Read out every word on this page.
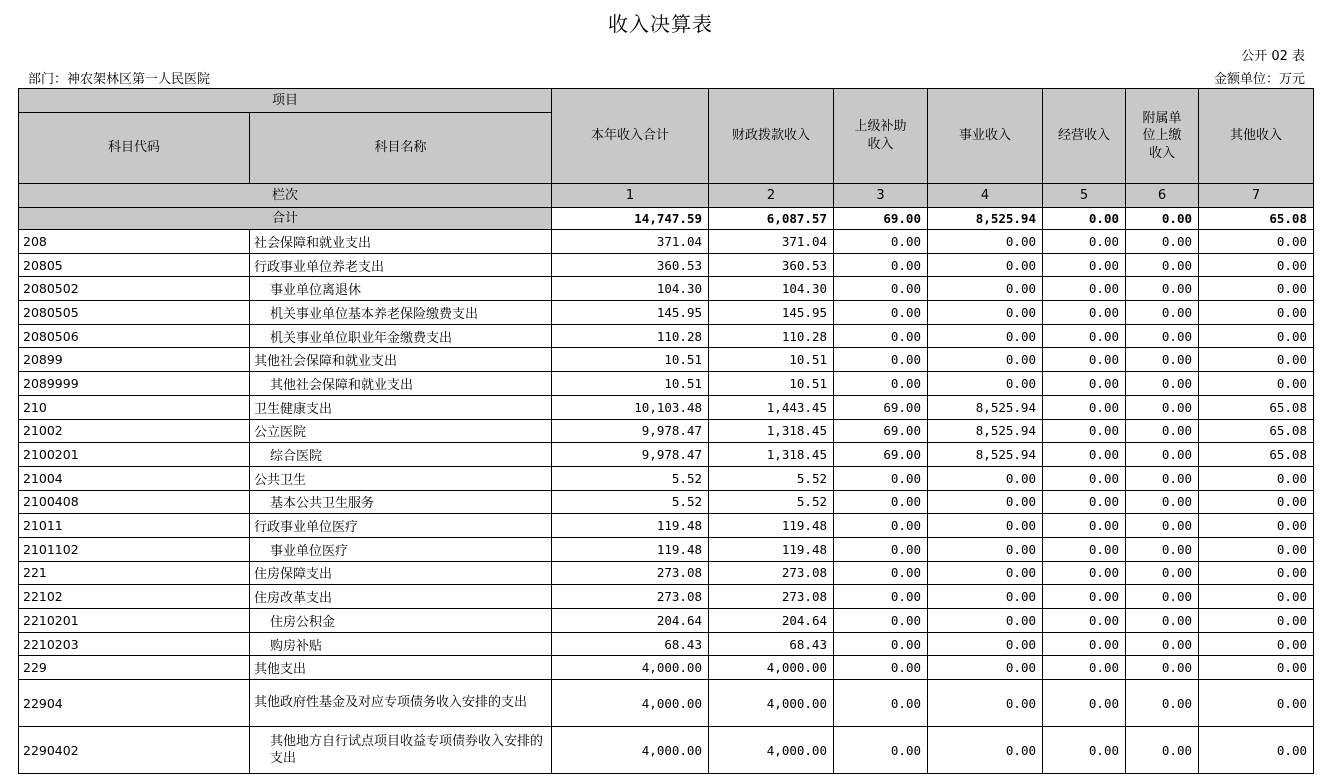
收入决算表
公开 02 表
部门：神农架林区第一人民医院	金额单位：万元
项目		本年收入合计	财政拨款收入	上级补助收入	事业收入	经营收入	附属单位上缴收入	其他收入
科目代码	科目名称							
栏次		1	2	3	4	5	6	7
合计		14,747.59	6,087.57	69.00	8,525.94	0.00	0.00	65.08
208	社会保障和就业支出	371.04	371.04	0.00	0.00	0.00	0.00	0.00
20805	行政事业单位养老支出	360.53	360.53	0.00	0.00	0.00	0.00	0.00
2080502	事业单位离退休	104.30	104.30	0.00	0.00	0.00	0.00	0.00
2080505	机关事业单位基本养老保险缴费支出	145.95	145.95	0.00	0.00	0.00	0.00	0.00
2080506	机关事业单位职业年金缴费支出	110.28	110.28	0.00	0.00	0.00	0.00	0.00
20899	其他社会保障和就业支出	10.51	10.51	0.00	0.00	0.00	0.00	0.00
2089999	其他社会保障和就业支出	10.51	10.51	0.00	0.00	0.00	0.00	0.00
210	卫生健康支出	10,103.48	1,443.45	69.00	8,525.94	0.00	0.00	65.08
21002	公立医院	9,978.47	1,318.45	69.00	8,525.94	0.00	0.00	65.08
2100201	综合医院	9,978.47	1,318.45	69.00	8,525.94	0.00	0.00	65.08
21004	公共卫生	5.52	5.52	0.00	0.00	0.00	0.00	0.00
2100408	基本公共卫生服务	5.52	5.52	0.00	0.00	0.00	0.00	0.00
21011	行政事业单位医疗	119.48	119.48	0.00	0.00	0.00	0.00	0.00
2101102	事业单位医疗	119.48	119.48	0.00	0.00	0.00	0.00	0.00
221	住房保障支出	273.08	273.08	0.00	0.00	0.00	0.00	0.00
22102	住房改革支出	273.08	273.08	0.00	0.00	0.00	0.00	0.00
2210201	住房公积金	204.64	204.64	0.00	0.00	0.00	0.00	0.00
2210203	购房补贴	68.43	68.43	0.00	0.00	0.00	0.00	0.00
229	其他支出	4,000.00	4,000.00	0.00	0.00	0.00	0.00	0.00
22904	其他政府性基金及对应专项债务收入安排的支出	4,000.00	4,000.00	0.00	0.00	0.00	0.00	0.00
2290402	其他地方自行试点项目收益专项债券收入安排的支出	4,000.00	4,000.00	0.00	0.00	0.00	0.00	0.00
